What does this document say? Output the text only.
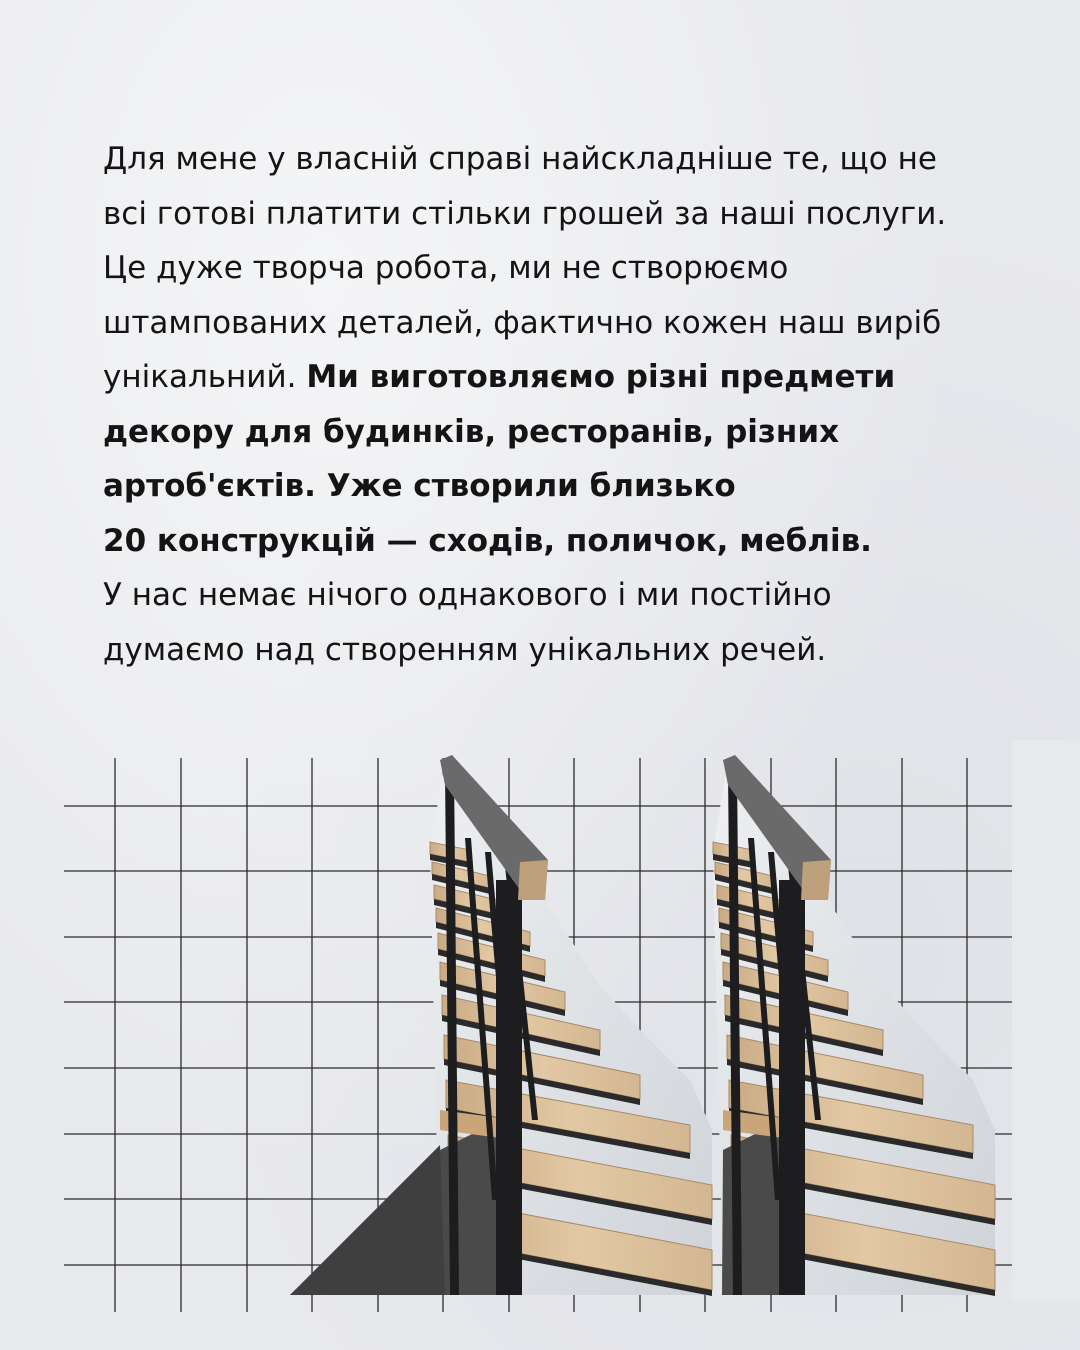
Для мене у власній справі найскладніше те, що не
всі готові платити стільки грошей за наші послуги.
Це дуже творча робота, ми не створюємо
штампованих деталей, фактично кожен наш виріб
унікальний. Ми виготовляємо різні предмети
декору для будинків, ресторанів, різних
артоб'єктів. Уже створили близько
20 конструкцій — сходів, поличок, меблів.
У нас немає нічого однакового і ми постійно
думаємо над створенням унікальних речей.
